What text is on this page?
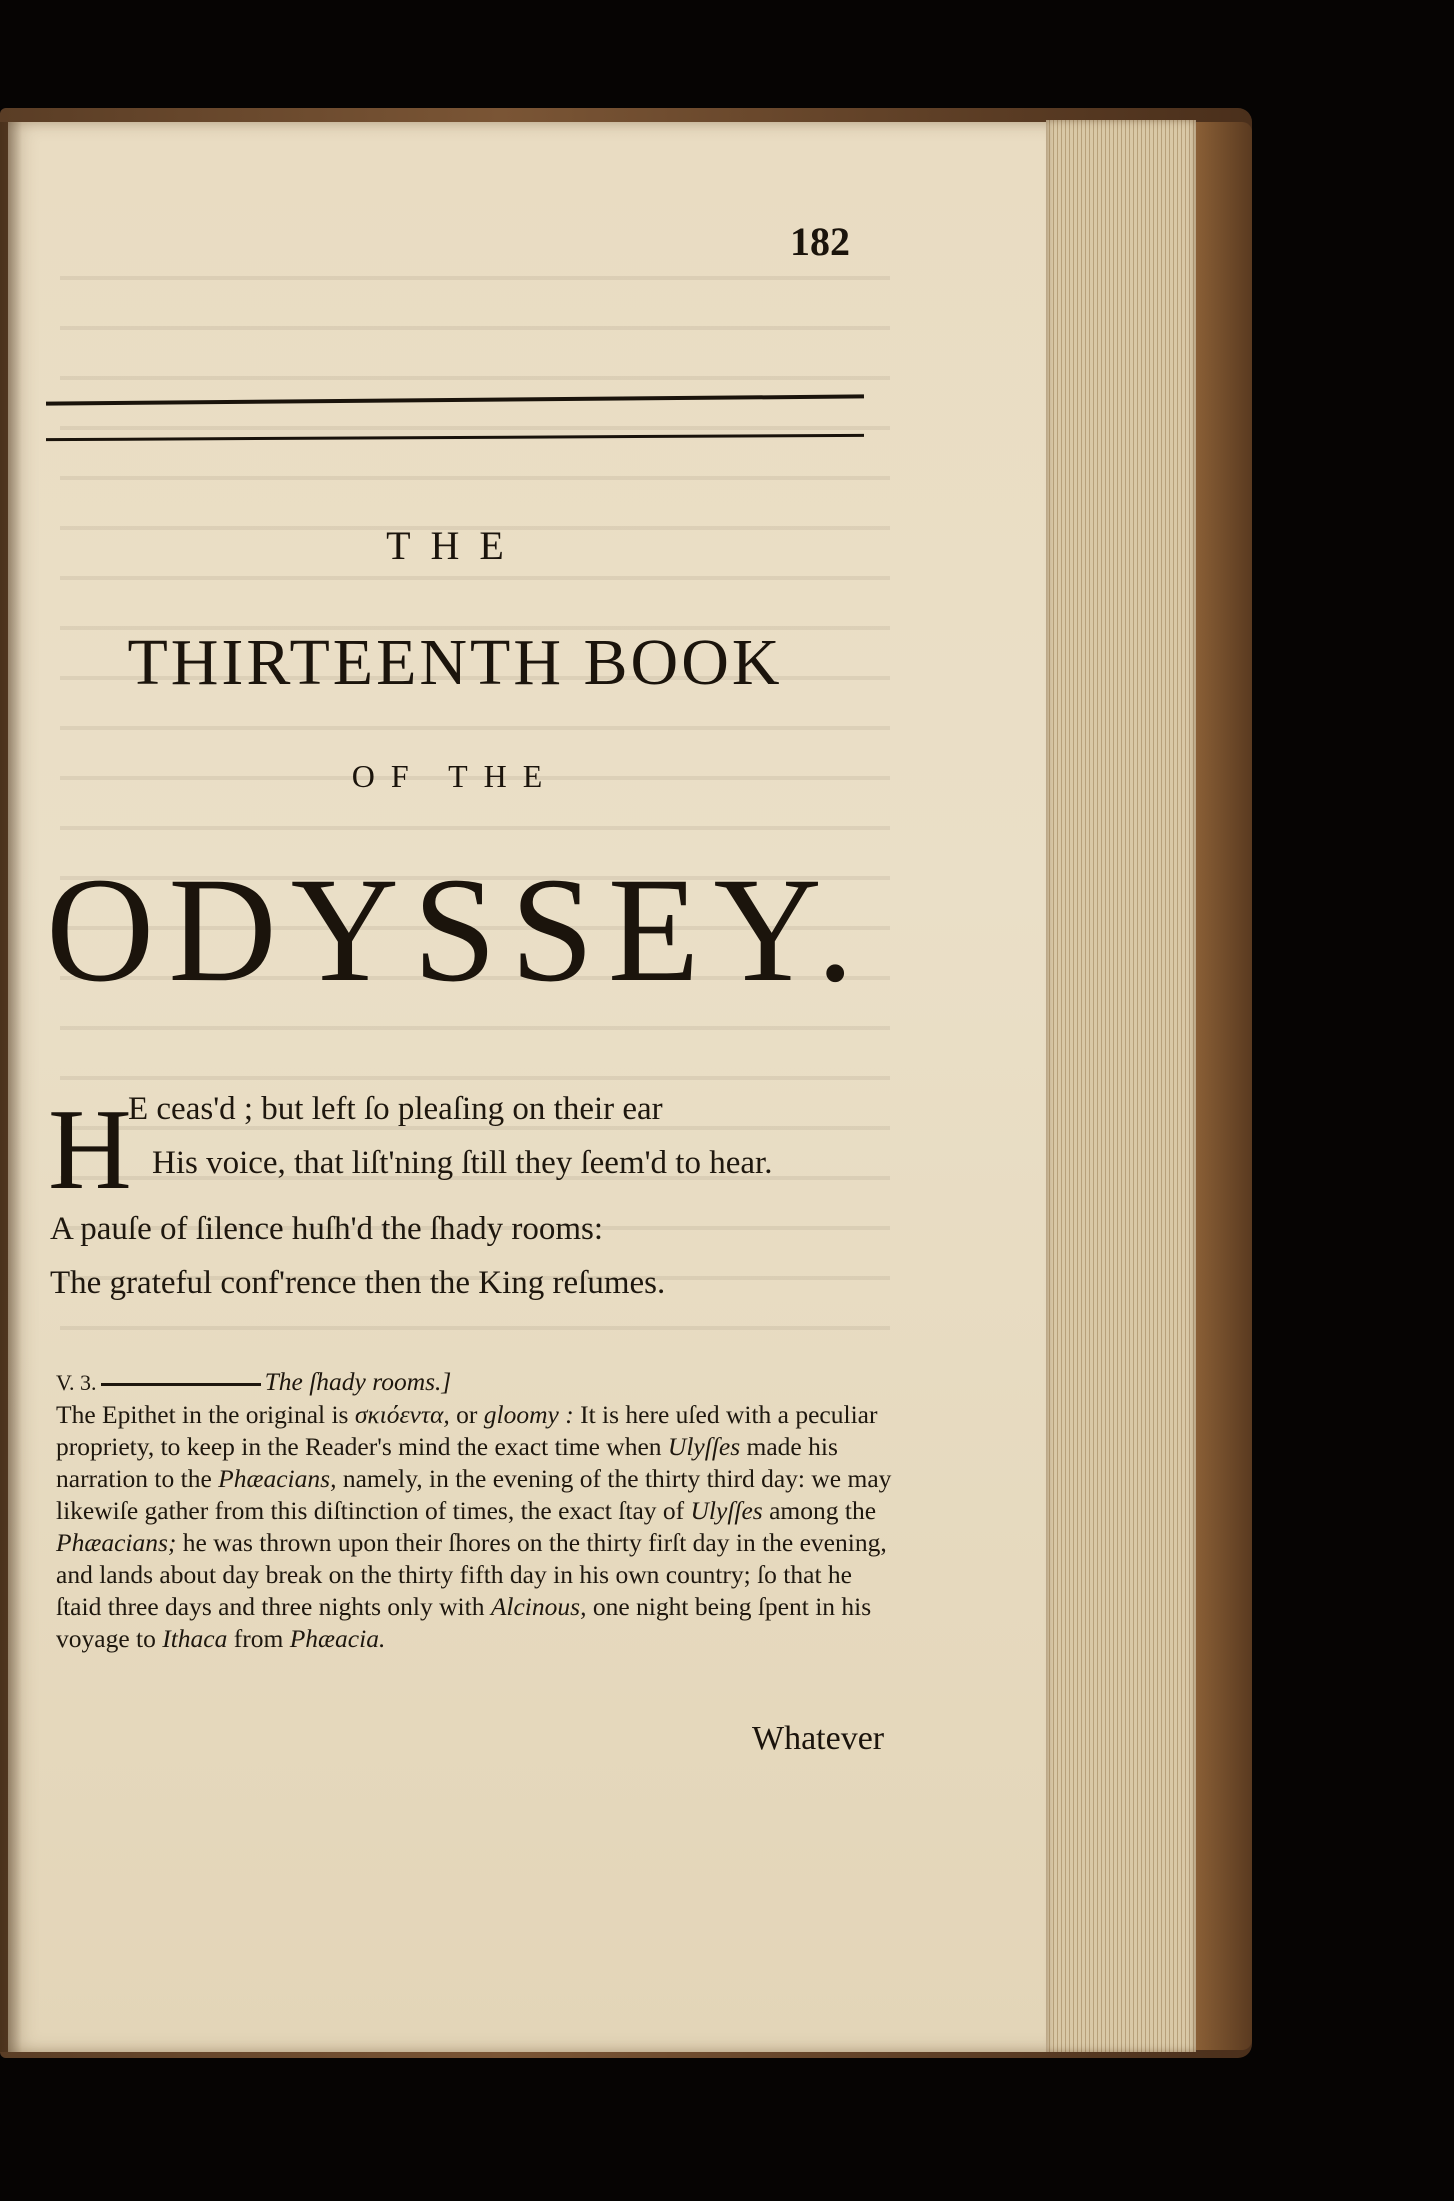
182
THE
THIRTEENTH BOOK
OF THE
ODYSSEY.
H
E ceas'd ; but left ſo pleaſing on their ear
His voice, that liſt'ning ſtill they ſeem'd to hear.
A pauſe of ſilence huſh'd the ſhady rooms:
The grateful conf'rence then the King reſumes.
V. 3.	The ſhady rooms.]
The Epithet in the original is σκιόεντα, or gloomy : It is here uſed with a peculiar propriety, to keep in the Reader's mind the exact time when Ulyſſes made his narration to the Phæacians, namely, in the evening of the thirty third day: we may likewiſe gather from this diſtinction of times, the exact ſtay of Ulyſſes among the Phæacians; he was thrown upon their ſhores on the thirty firſt day in the evening, and lands about day break on the thirty fifth day in his own country; ſo that he ſtaid three days and three nights only with Alcinous, one night being ſpent in his voyage to Ithaca from Phæacia.
Whatever
